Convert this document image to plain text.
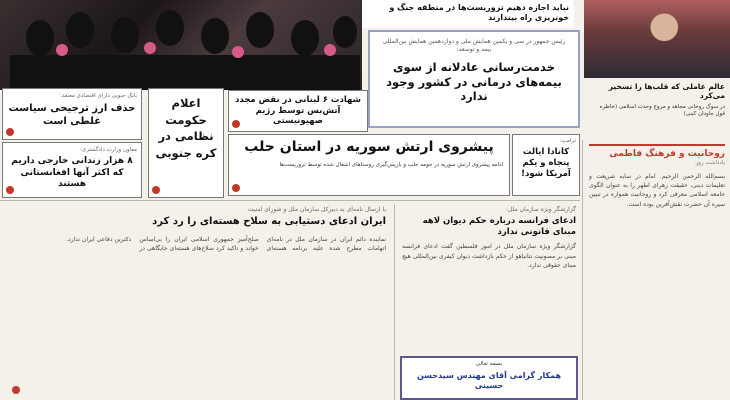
نباید اجازه دهیم تروریست‌ها در منطقه جنگ و خونریزی راه بیندازند
عالم عاملی که قلب‌ها را تسخیر می‌کرد
در سوگ روحانی مجاهد و مروج وحدت اسلامی (خاطره قول جاودان کینی)
رئیس جمهور در سی و یکمین همایش ملی و دوازدهمین همایش بین‌المللی بیمه و توسعه:
خدمت‌رسانی عادلانه از سوی بیمه‌های درمانی در کشور وجود ندارد
بانک جنوبی دارای اقتصادی معتقد:
حذف ارز ترجیحی سیاست غلطی است
معاون وزارت دادگستری:
۸ هزار زندانی خارجی داریم که اکثر آنها افغانستانی هستند
اعلام حکومت نظامی در کره جنوبی
شهادت ۶ لبنانی در نقض مجدد آتش‌بس توسط رژیم صهیونیستی
پیشروی ارتش سوریه در استان حلب
ادامه پیشروی ارتش سوریه در حومه حلب و بازپس‌گیری روستاهای اشغال شده توسط تروریست‌ها
ترامپ:
کانادا ایالت پنجاه و یکم آمریکا شود!
روحانیت و فرهنگ فاطمی
یادداشت روز
بسم‌الله الرحمن الرحیم. امام در سایه شریعت و تعلیمات دینی، حقیقت زهرای اطهر را به عنوان الگوی جامعه اسلامی معرفی کرد و روحانیت همواره در تبیین سیره آن حضرت نقش‌آفرین بوده است.
با ارسال نامه‌ای به دبیرکل سازمان ملل و شورای امنیت
ایران ادعای دستیابی به سلاح هسته‌ای را رد کرد
نماینده دائم ایران در سازمان ملل در نامه‌ای اتهامات مطرح شده علیه برنامه هسته‌ای صلح‌آمیز جمهوری اسلامی ایران را بی‌اساس خواند و تاکید کرد سلاح‌های هسته‌ای جایگاهی در دکترین دفاعی ایران ندارد.
گزارشگر ویژه سازمان ملل:
ادعای فرانسه درباره حکم دیوان لاهه مبنای قانونی ندارد
گزارشگر ویژه سازمان ملل در امور فلسطین گفت ادعای فرانسه مبنی بر مصونیت نتانیاهو از حکم بازداشت دیوان کیفری بین‌المللی هیچ مبنای حقوقی ندارد.
بسمه تعالی
همکار گرامی آقای مهندس سیدحسن حسینی
